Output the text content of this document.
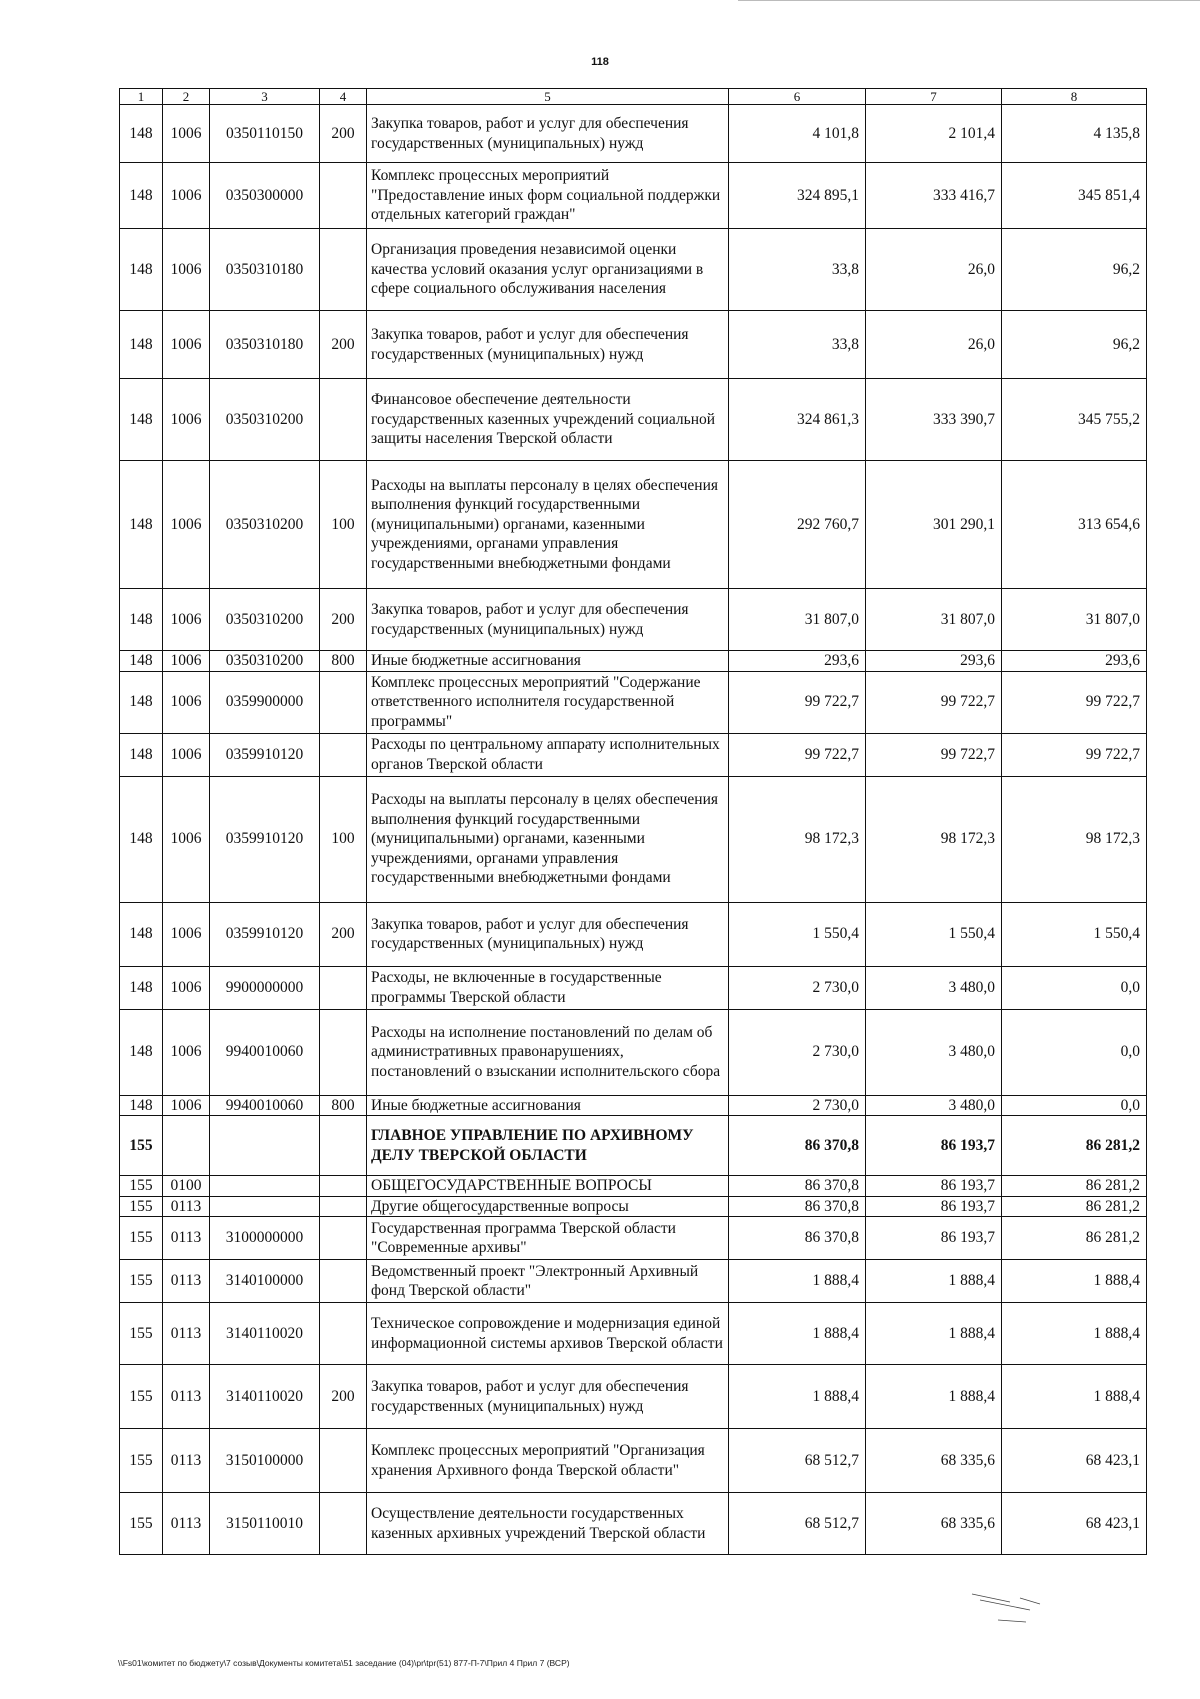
118
1	2	3	4	5	6	7	8
148	1006	0350110150	200	Закупка товаров, работ и услуг для обеспечения государственных (муниципальных) нужд	4 101,8	2 101,4	4 135,8
148	1006	0350300000		Комплекс процессных мероприятий "Предоставление иных форм социальной поддержки отдельных категорий граждан"	324 895,1	333 416,7	345 851,4
148	1006	0350310180		Организация проведения независимой оценки качества условий оказания услуг организациями в сфере социального обслуживания населения	33,8	26,0	96,2
148	1006	0350310180	200	Закупка товаров, работ и услуг для обеспечения государственных (муниципальных) нужд	33,8	26,0	96,2
148	1006	0350310200		Финансовое обеспечение деятельности государственных казенных учреждений социальной защиты населения Тверской области	324 861,3	333 390,7	345 755,2
148	1006	0350310200	100	Расходы на выплаты персоналу в целях обеспечения выполнения функций государственными (муниципальными) органами, казенными учреждениями, органами управления государственными внебюджетными фондами	292 760,7	301 290,1	313 654,6
148	1006	0350310200	200	Закупка товаров, работ и услуг для обеспечения государственных (муниципальных) нужд	31 807,0	31 807,0	31 807,0
148	1006	0350310200	800	Иные бюджетные ассигнования	293,6	293,6	293,6
148	1006	0359900000		Комплекс процессных мероприятий "Содержание ответственного исполнителя государственной программы"	99 722,7	99 722,7	99 722,7
148	1006	0359910120		Расходы по центральному аппарату исполнительных органов Тверской области	99 722,7	99 722,7	99 722,7
148	1006	0359910120	100	Расходы на выплаты персоналу в целях обеспечения выполнения функций государственными (муниципальными) органами, казенными учреждениями, органами управления государственными внебюджетными фондами	98 172,3	98 172,3	98 172,3
148	1006	0359910120	200	Закупка товаров, работ и услуг для обеспечения государственных (муниципальных) нужд	1 550,4	1 550,4	1 550,4
148	1006	9900000000		Расходы, не включенные в государственные программы Тверской области	2 730,0	3 480,0	0,0
148	1006	9940010060		Расходы на исполнение постановлений по делам об административных правонарушениях, постановлений о взыскании исполнительского сбора	2 730,0	3 480,0	0,0
148	1006	9940010060	800	Иные бюджетные ассигнования	2 730,0	3 480,0	0,0
155				ГЛАВНОЕ УПРАВЛЕНИЕ ПО АРХИВНОМУ ДЕЛУ ТВЕРСКОЙ ОБЛАСТИ	86 370,8	86 193,7	86 281,2
155	0100			ОБЩЕГОСУДАРСТВЕННЫЕ ВОПРОСЫ	86 370,8	86 193,7	86 281,2
155	0113			Другие общегосударственные вопросы	86 370,8	86 193,7	86 281,2
155	0113	3100000000		Государственная программа Тверской области "Современные архивы"	86 370,8	86 193,7	86 281,2
155	0113	3140100000		Ведомственный проект "Электронный Архивный фонд Тверской области"	1 888,4	1 888,4	1 888,4
155	0113	3140110020		Техническое сопровождение и модернизация единой информационной системы архивов Тверской области	1 888,4	1 888,4	1 888,4
155	0113	3140110020	200	Закупка товаров, работ и услуг для обеспечения государственных (муниципальных) нужд	1 888,4	1 888,4	1 888,4
155	0113	3150100000		Комплекс процессных мероприятий "Организация хранения Архивного фонда Тверской области"	68 512,7	68 335,6	68 423,1
155	0113	3150110010		Осуществление деятельности государственных казенных архивных учреждений Тверской области	68 512,7	68 335,6	68 423,1
\\Fs01\комитет по бюджету\7 созыв\Документы комитета\51 заседание (04)\pr\tpr(51) 877-П-7\Прил 4 Прил 7 (ВСР)
